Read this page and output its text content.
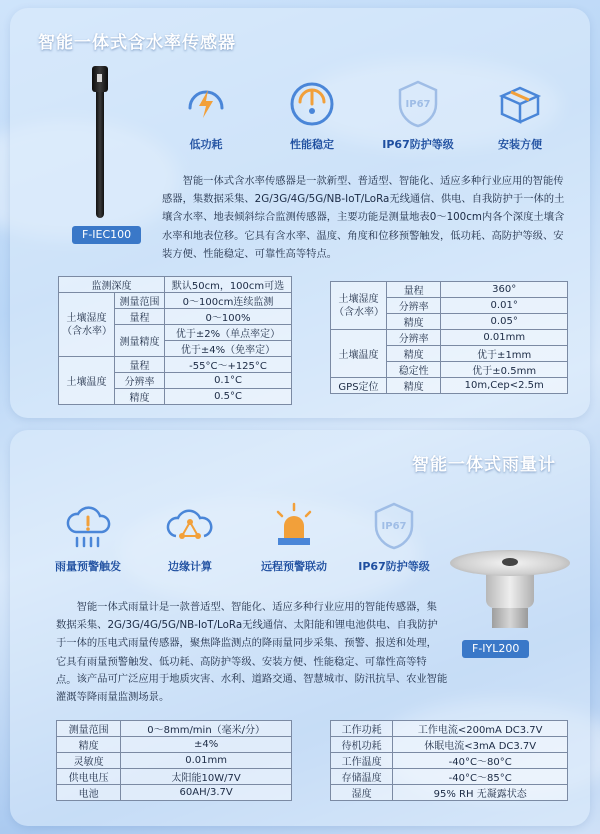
智能一体式含水率传感器
F-IEC100
低功耗	性能稳定
IP67
IP67防护等级	安装方便

智能一体式含水率传感器是一款新型、普适型、智能化、适应多种行业应用的智能传感器，集数据采集、2G/3G/4G/5G/NB-IoT/LoRa无线通信、供电、自我防护于一体的土壤含水率、地表倾斜综合监测传感器，主要功能是测量地表0～100cm内各个深度土壤含水率和地表位移。它具有含水率、温度、角度和位移预警触发，低功耗、高防护等级、安装方便、性能稳定、可靠性高等特点。

监测深度		默认50cm，100cm可选
土壤湿度（含水率）	测量范围	0～100cm连续监测
	量程	0～100%
	测量精度	优于±2%（单点率定）
		优于±4%（免率定）
土壤温度	量程	-55°C～+125°C
	分辨率	0.1°C
	精度	0.5°C
土壤湿度（含水率）	量程	360°
	分辨率	0.01°
	精度	0.05°
土壤温度	分辨率	0.01mm
	精度	优于±1mm
	稳定性	优于±0.5mm
GPS定位	精度	10m,Cep<2.5m
智能一体式雨量计
雨量预警触发	边缘计算	远程预警联动
IP67
IP67防护等级
F-IYL200

智能一体式雨量计是一款普适型、智能化、适应多种行业应用的智能传感器，集数据采集、2G/3G/4G/5G/NB-IoT/LoRa无线通信、太阳能和锂电池供电、自我防护于一体的压电式雨量传感器，聚焦降监测点的降雨量同步采集、预警、报送和处理，它具有雨量预警触发、低功耗、高防护等级、安装方便、性能稳定、可靠性高等特点。 该产品可广泛应用于地质灾害、水利、道路交通、智慧城市、防汛抗旱、农业智能灌溉等降雨量监测场景。

测量范围	0～8mm/min（毫米/分）
精度	±4%
灵敏度	0.01mm
供电电压	太阳能10W/7V
电池	60AH/3.7V
工作功耗	工作电流<200mA DC3.7V
待机功耗	休眠电流<3mA DC3.7V
工作温度	-40°C～80°C
存储温度	-40°C～85°C
湿度	95% RH 无凝露状态
